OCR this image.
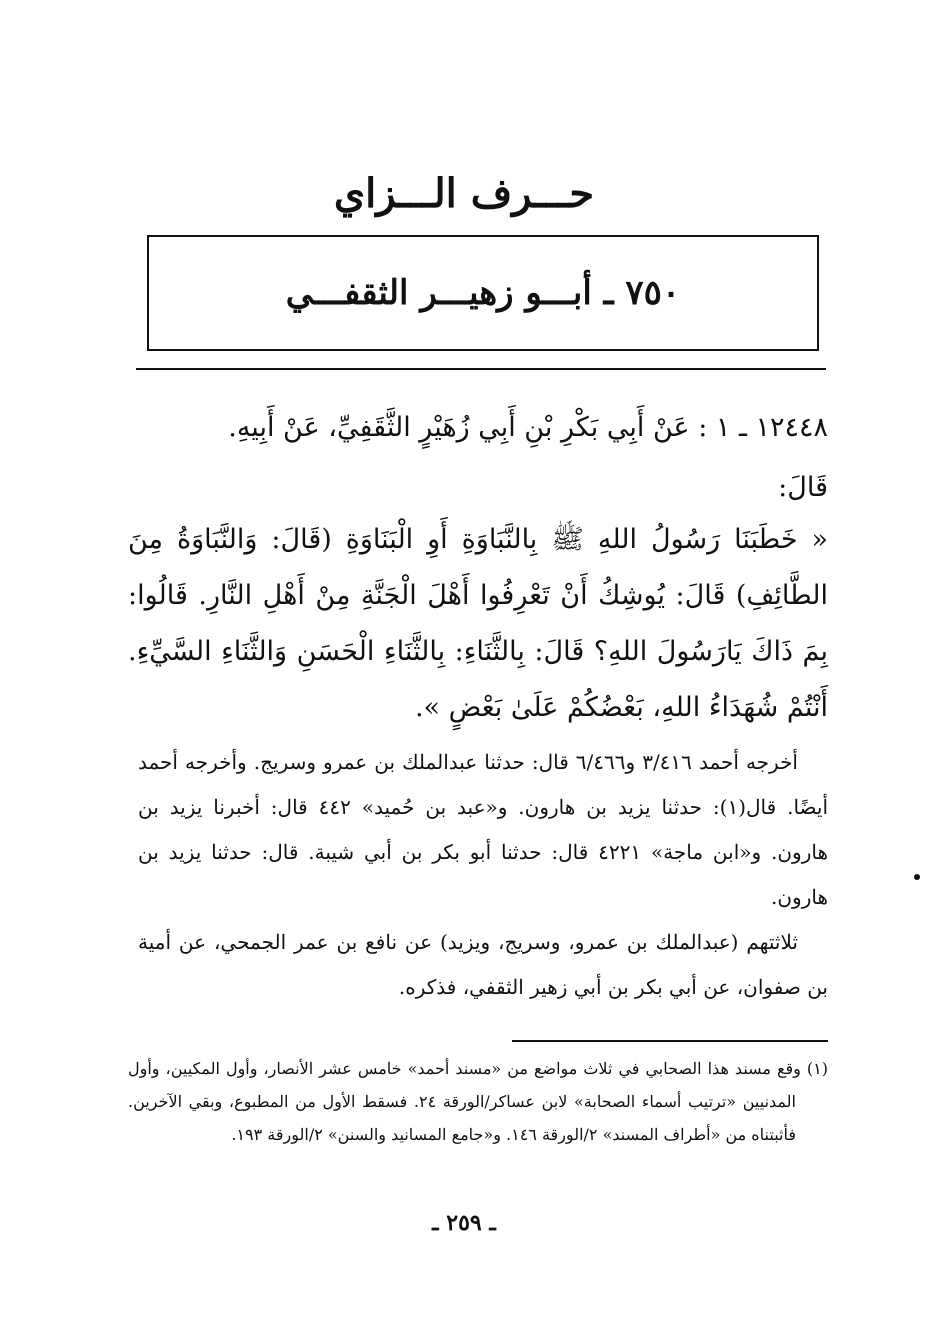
حـــرف الـــزاي
٧٥٠ ـ أبـــو زهيـــر الثقفـــي

١٢٤٤٨ ـ ١ : عَنْ أَبِي بَكْرِ بْنِ أَبِي زُهَيْرٍ الثَّقَفِيِّ، عَنْ أَبِيهِ.

قَالَ:

« خَطَبَنَا رَسُولُ اللهِ ﷺ بِالنَّبَاوَةِ أَوِ الْبَنَاوَةِ (قَالَ: وَالنَّبَاوَةُ مِنَ الطَّائِفِ) قَالَ: يُوشِكُ أَنْ تَعْرِفُوا أَهْلَ الْجَنَّةِ مِنْ أَهْلِ النَّارِ. قَالُوا: بِمَ ذَاكَ يَارَسُولَ اللهِ؟ قَالَ: بِالثَّنَاءِ: بِالثَّنَاءِ الْحَسَنِ وَالثَّنَاءِ السَّيِّءِ. أَنْتُمْ شُهَدَاءُ اللهِ، بَعْضُكُمْ عَلَىٰ بَعْضٍ ».

أخرجه أحمد ٣/٤١٦ و٦/٤٦٦ قال: حدثنا عبدالملك بن عمرو وسريج. وأخرجه أحمد أيضًا. قال(١): حدثنا يزيد بن هارون. و«عبد بن حُميد» ٤٤٢ قال: أخبرنا يزيد بن هارون. و«ابن ماجة» ٤٢٢١ قال: حدثنا أبو بكر بن أبي شيبة. قال: حدثنا يزيد بن هارون.

ثلاثتهم (عبدالملك بن عمرو، وسريج، ويزيد) عن نافع بن عمر الجمحي، عن أمية بن صفوان، عن أبي بكر بن أبي زهير الثقفي، فذكره.

(١) وقع مسند هذا الصحابي في ثلاث مواضع من «مسند أحمد» خامس عشر الأنصار، وأول المكيين، وأول المدنيين «ترتيب أسماء الصحابة» لابن عساكر/الورقة ٢٤. فسقط الأول من المطبوع، وبقي الآخرين. فأثبتناه من «أطراف المسند» ٢/الورقة ١٤٦. و«جامع المسانيد والسنن» ٢/الورقة ١٩٣.

ـ ٢٥٩ ـ
